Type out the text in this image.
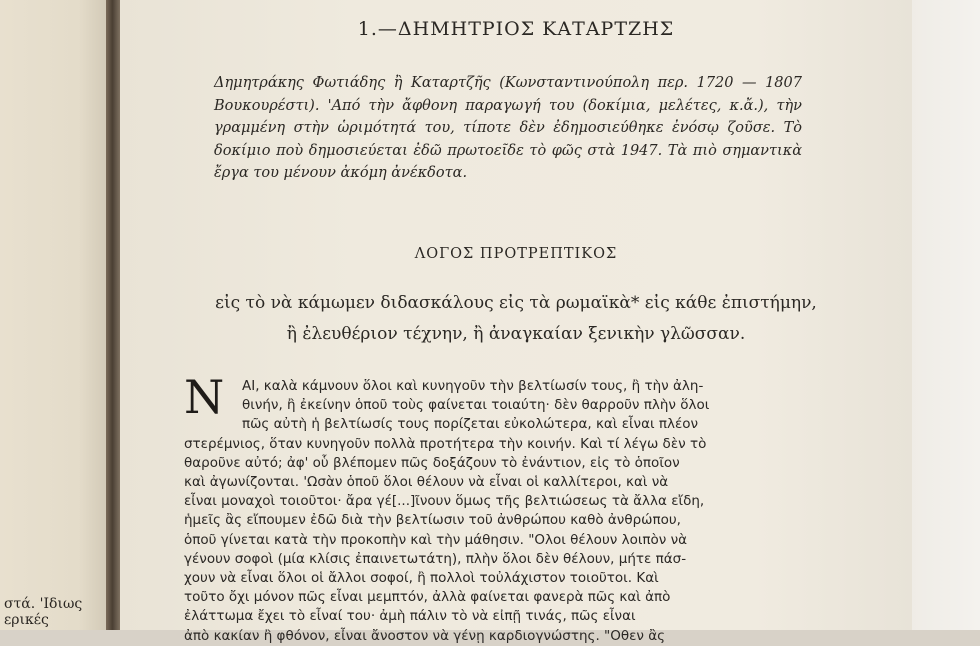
στά. 'Ιδιως
ερικές
1.—ΔΗΜΗΤΡΙΟΣ ΚΑΤΑΡΤΖΗΣ
Δημητράκης Φωτιάδης ἢ Καταρτζῆς (Κωνσταντινούπολη περ. 1720 — 1807 Βουκουρέστι). 'Από τὴν ἄφθονη παραγωγή του (δοκίμια, μελέτες, κ.ἄ.), τὴν γραμμένη στὴν ὡριμότητά του, τίποτε δὲν ἐδημοσιεύθηκε ἐνόσῳ ζοῦσε. Τὸ δοκίμιο ποὺ δημοσιεύεται ἐδῶ πρωτοεῖδε τὸ φῶς στὰ 1947. Τὰ πιὸ σημαντικὰ ἔργα του μένουν ἀκόμη ἀνέκδοτα.
ΛΟΓΟΣ ΠΡΟΤΡΕΠΤΙΚΟΣ
εἰς τὸ νὰ κάμωμεν διδασκάλους εἰς τὰ ρωμαϊκὰ* εἰς κάθε ἐπιστήμην,
ἢ ἐλευθέριον τέχνην, ἢ ἀναγκαίαν ξενικὴν γλῶσσαν.
N	ΑΙ, καλὰ κάμνουν ὅλοι καὶ κυνηγοῦν τὴν βελτίωσίν τους, ἢ τὴν ἀλη-
θινήν, ἢ ἐκείνην ὁποῦ τοὺς φαίνεται τοιαύτη· δὲν θαρροῦν πλὴν ὅλοι
πῶς αὐτὴ ἡ βελτίωσίς τους πορίζεται εὐκολώτερα, καὶ εἶναι πλέον
στερέμνιος, ὅταν κυνηγοῦν πολλὰ προτήτερα τὴν κοινήν. Καὶ τί λέγω δὲν τὸ
θαροῦνε αὐτό; ἀφ' οὗ βλέπομεν πῶς δοξάζουν τὸ ἐνάντιον, εἰς τὸ ὁποῖον
καὶ ἀγωνίζονται. 'Ωσὰν ὁποῦ ὅλοι θέλουν νὰ εἶναι οἱ καλλίτεροι, καὶ νὰ
εἶναι μοναχοὶ τοιοῦτοι· ἄρα γέ[...]ῖνουν ὅμως τῆς βελτιώσεως τὰ ἄλλα εἴδη,
ἡμεῖς ἂς εἴπουμεν ἐδῶ διὰ τὴν βελτίωσιν τοῦ ἀνθρώπου καθὸ ἀνθρώπου,
ὁποῦ γίνεται κατὰ τὴν προκοπὴν καὶ τὴν μάθησιν. "Ολοι θέλουν λοιπὸν νὰ
γένουν σοφοὶ (μία κλίσις ἐπαινετωτάτη), πλὴν ὅλοι δὲν θέλουν, μήτε πάσ-
χουν νὰ εἶναι ὅλοι οἱ ἄλλοι σοφοί, ἢ πολλοὶ τοὐλάχιστον τοιοῦτοι. Καὶ
τοῦτο ὄχι μόνον πῶς εἶναι μεμπτόν, ἀλλὰ φαίνεται φανερὰ πῶς καὶ ἀπὸ
ἐλάττωμα ἔχει τὸ εἶναί του· ἀμὴ πάλιν τὸ νὰ εἰπῇ τινάς, πῶς εἶναι
ἀπὸ κακίαν ἢ φθόνον, εἶναι ἄνοστον νὰ γένῃ καρδιογνώστης. "Οθεν ἂς
